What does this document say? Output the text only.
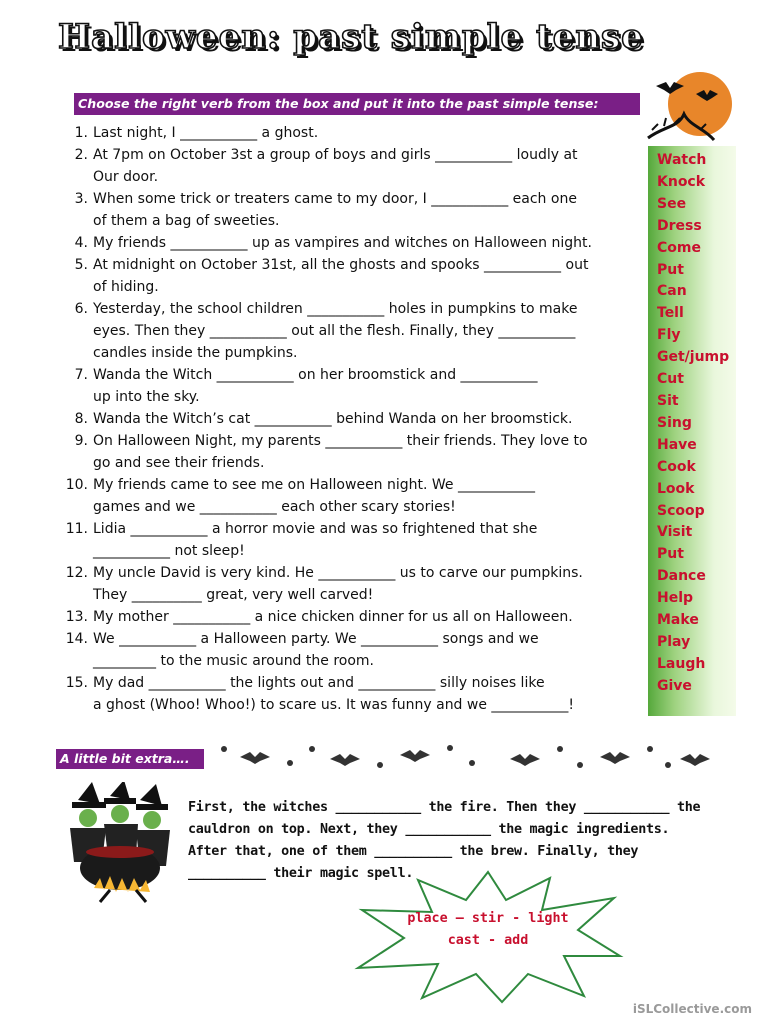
Halloween: past simple tense
Choose the right verb from the box and put it into the past simple tense:
1. Last night, I ___________ a ghost.
2. At 7pm on October 3st a group of boys and girls ___________ loudly at
Our door.
3. When some trick or treaters came to my door, I ___________ each one
of them a bag of sweeties.
4. My friends ___________ up as vampires and witches on Halloween night.
5. At midnight on October 31st, all the ghosts and spooks ___________ out
of hiding.
6. Yesterday, the school children ___________ holes in pumpkins to make
eyes. Then they ___________ out all the flesh. Finally, they ___________
candles inside the pumpkins.
7. Wanda the Witch ___________ on her broomstick and ___________
up into the sky.
8. Wanda the Witch’s cat ___________ behind Wanda on her broomstick.
9. On Halloween Night, my parents ___________ their friends. They love to
go and see their friends.
10. My friends came to see me on Halloween night. We ___________
games and we ___________ each other scary stories!
11. Lidia ___________ a horror movie and was so frightened that she
___________ not sleep!
12. My uncle David is very kind. He ___________ us to carve our pumpkins.
They __________ great, very well carved!
13. My mother ___________ a nice chicken dinner for us all on Halloween.
14. We ___________ a Halloween party. We ___________ songs and we
_________ to the music around the room.
15. My dad ___________ the lights out and ___________ silly noises like
a ghost (Whoo! Whoo!) to scare us. It was funny and we ___________!
Watch
Knock
See
Dress
Come
Put
Can
Tell
Fly
Get/jump
Cut
Sit
Sing
Have
Cook
Look
Scoop
Visit
Put
Dance
Help
Make
Play
Laugh
Give
A little bit extra….
First, the witches ___________ the fire. Then they ___________ the
cauldron on top. Next, they ___________ the magic ingredients.
After that, one of them __________ the brew. Finally, they
__________ their magic spell.
place – stir - light
cast - add
iSLCollective.com
